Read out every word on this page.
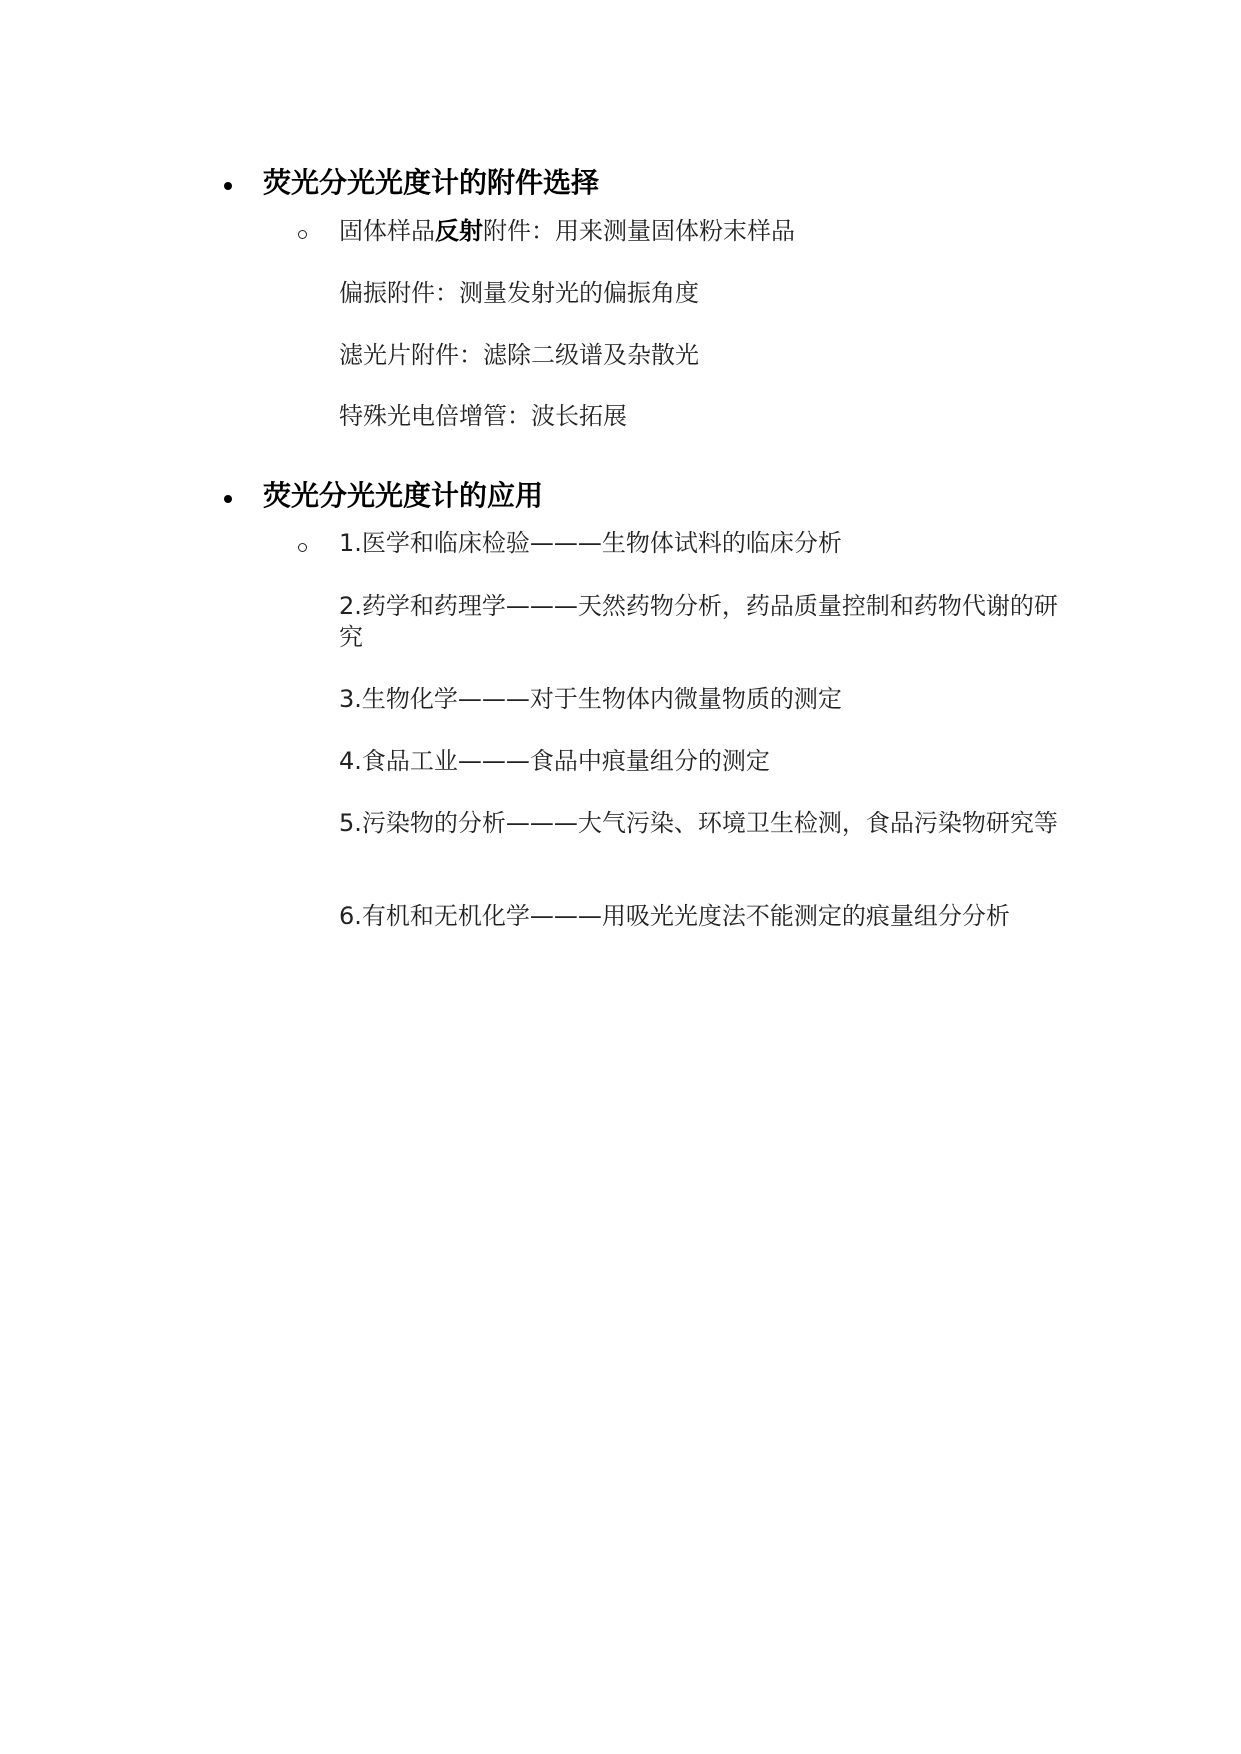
荧光分光光度计的附件选择
固体样品反射附件：用来测量固体粉末样品
偏振附件：测量发射光的偏振角度
滤光片附件：滤除二级谱及杂散光
特殊光电倍增管：波长拓展
荧光分光光度计的应用
1.医学和临床检验———生物体试料的临床分析
2.药学和药理学———天然药物分析，药品质量控制和药物代谢的研究
3.生物化学———对于生物体内微量物质的测定
4.食品工业———食品中痕量组分的测定
5.污染物的分析———大气污染、环境卫生检测，食品污染物研究等
6.有机和无机化学———用吸光光度法不能测定的痕量组分分析
